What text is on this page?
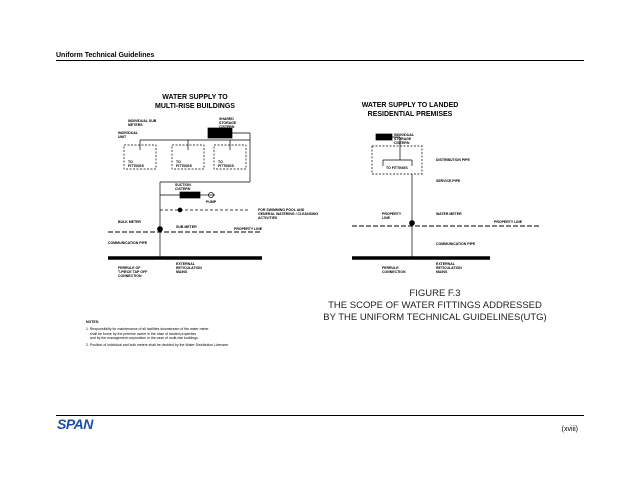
Uniform Technical Guidelines
WATER SUPPLY TO
MULTI-RISE BUILDINGS
INDIVIDUAL SUB
METERS
SHARED
STORAGE
CISTERN
INDIVIDUAL
UNIT
TO
FITTINGS
TO
FITTINGS
TO
FITTINGS
SUCTION
CISTERN
PUMP
FOR SWIMMING POOL AND
GENERAL WATERING / CLEANSING
ACTIVITIES
BULK METER
SUB METER	PROPERTY LINE
COMMUNICATION PIPE
EXTERNAL
RETICULATION
MAINS
FERRULE OF
T-PIECE TAP OFF
CONNECTION
WATER SUPPLY TO LANDED
RESIDENTIAL PREMISES
INDIVIDUAL
STORAGE
CISTERN
DISTRIBUTION PIPE
TO FITTINGS
SERVICE PIPE
PROPERTY
LINE
WATER METER
PROPERTY LINE
COMMUNICATION PIPE
FERRULE
CONNECTION
EXTERNAL
RETICULATION
MAINS
NOTES:
1. Responsibility for maintenance of all facilities downstream of the water meter
shall be borne by the premise owner in the case of landed properties
and by the management corporation in the case of multi-rise buildings.
2. Position of individual and bulk meters shall be decided by the Water Distribution Licensee
FIGURE F.3
THE SCOPE OF WATER FITTINGS ADDRESSED
BY THE UNIFORM TECHNICAL GUIDELINES(UTG)
SPAN	(xviii)
